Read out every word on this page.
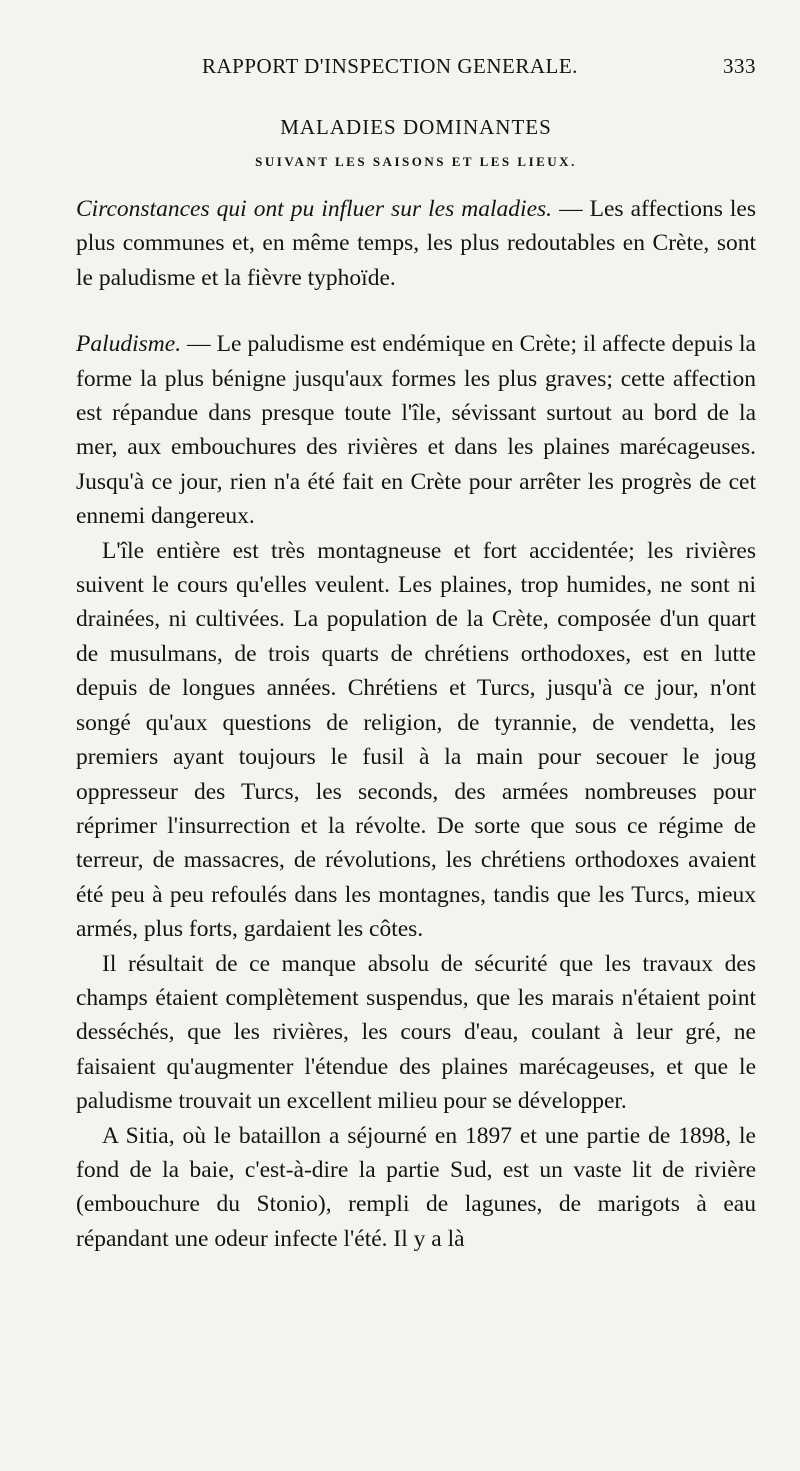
RAPPORT D'INSPECTION GENERALE.	333
MALADIES DOMINANTES
SUIVANT LES SAISONS ET LES LIEUX.

Circonstances qui ont pu influer sur les maladies. — Les affections les plus communes et, en même temps, les plus redoutables en Crète, sont le paludisme et la fièvre typhoïde.

Paludisme. — Le paludisme est endémique en Crète; il affecte depuis la forme la plus bénigne jusqu'aux formes les plus graves; cette affection est répandue dans presque toute l'île, sévissant surtout au bord de la mer, aux embouchures des rivières et dans les plaines marécageuses. Jusqu'à ce jour, rien n'a été fait en Crète pour arrêter les progrès de cet ennemi dangereux.

L'île entière est très montagneuse et fort accidentée; les rivières suivent le cours qu'elles veulent. Les plaines, trop humides, ne sont ni drainées, ni cultivées. La population de la Crète, composée d'un quart de musulmans, de trois quarts de chrétiens orthodoxes, est en lutte depuis de longues années. Chrétiens et Turcs, jusqu'à ce jour, n'ont songé qu'aux questions de religion, de tyrannie, de vendetta, les premiers ayant toujours le fusil à la main pour secouer le joug oppresseur des Turcs, les seconds, des armées nombreuses pour réprimer l'insurrection et la révolte. De sorte que sous ce régime de terreur, de massacres, de révolutions, les chrétiens orthodoxes avaient été peu à peu refoulés dans les montagnes, tandis que les Turcs, mieux armés, plus forts, gardaient les côtes.

Il résultait de ce manque absolu de sécurité que les travaux des champs étaient complètement suspendus, que les marais n'étaient point desséchés, que les rivières, les cours d'eau, coulant à leur gré, ne faisaient qu'augmenter l'étendue des plaines marécageuses, et que le paludisme trouvait un excellent milieu pour se développer.

A Sitia, où le bataillon a séjourné en 1897 et une partie de 1898, le fond de la baie, c'est-à-dire la partie Sud, est un vaste lit de rivière (embouchure du Stonio), rempli de lagunes, de marigots à eau répandant une odeur infecte l'été. Il y a là
